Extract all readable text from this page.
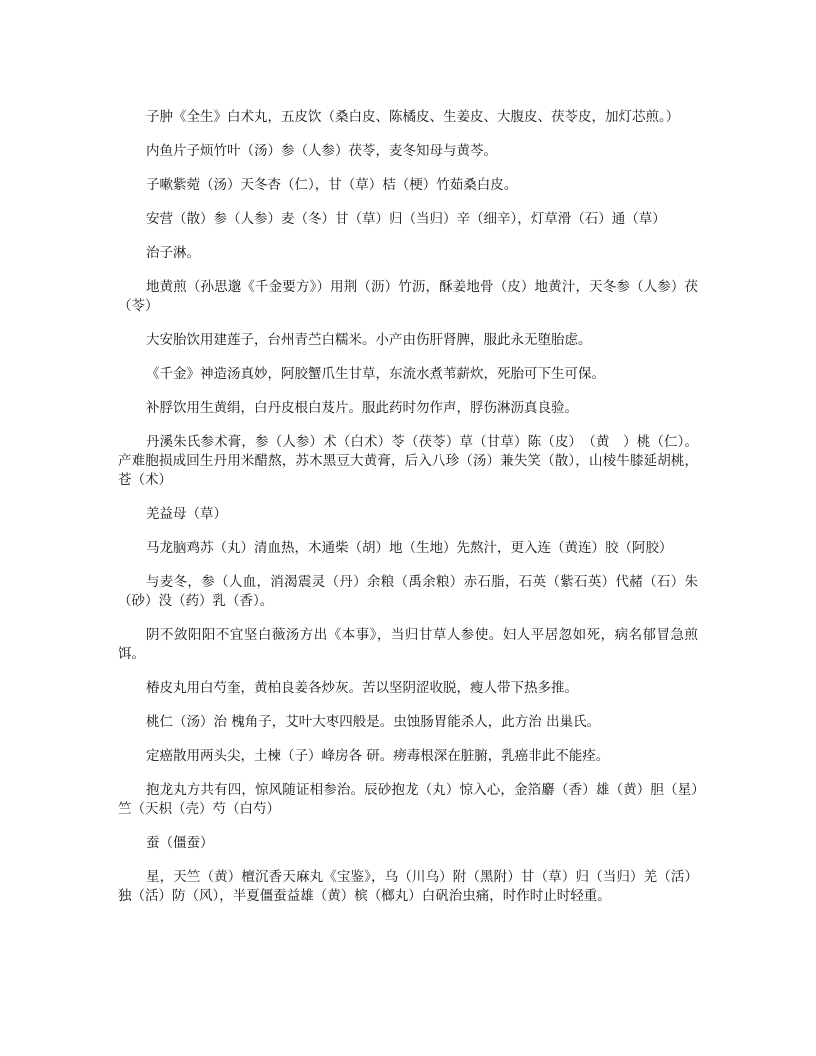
子肿《全生》白术丸，五皮饮（桑白皮、陈橘皮、生姜皮、大腹皮、茯苓皮，加灯芯煎。）

内鱼片子烦竹叶（汤）参（人参）茯苓，麦冬知母与黄芩。

子嗽紫菀（汤）天冬杏（仁），甘（草）桔（梗）竹茹桑白皮。

安营（散）参（人参）麦（冬）甘（草）归（当归）辛（细辛），灯草滑（石）通（草）

治子淋。

地黄煎（孙思邈《千金要方》）用荆（沥）竹沥，酥姜地骨（皮）地黄汁，天冬参（人参）茯（苓）

大安胎饮用建莲子，台州青苎白糯米。小产由伤肝肾脾，服此永无堕胎虑。

《千金》神造汤真妙，阿胶蟹爪生甘草，东流水煮苇薪炊，死胎可下生可保。

补脬饮用生黄绢，白丹皮根白芨片。服此药时勿作声，脬伤淋沥真良验。

丹溪朱氏参术膏，参（人参）术（白术）苓（茯苓）草（甘草）陈（皮）　（黄　）桃（仁）。产难胞损成回生丹用米醋熬，苏木黑豆大黄膏，后入八珍（汤）兼失笑（散），山棱牛膝延胡桃，苍（术）

羌益母（草）

马龙脑鸡苏（丸）清血热，木通柴（胡）地（生地）先熬汁，更入连（黄连）胶（阿胶）

与麦冬，参（人血，消渴震灵（丹）余粮（禹余粮）赤石脂，石英（紫石英）代赭（石）朱（砂）没（药）乳（香）。

阴不敛阳阳不宜坚白薇汤方出《本事》，当归甘草人参使。妇人平居忽如死，病名郁冒急煎饵。

椿皮丸用白芍奎，黄柏良姜各炒灰。苦以坚阴涩收脱，瘦人带下热多推。

桃仁（汤）治 槐角子，艾叶大枣四般是。虫蚀肠胃能杀人，此方治 出巢氏。

定癌散用两头尖，土楝（子）峰房各 研。痨毒根深在脏腑，乳癌非此不能痊。

抱龙丸方共有四，惊风随证相参治。辰砂抱龙（丸）惊入心，金箔麝（香）雄（黄）胆（星）竺（天枳（壳）芍（白芍）

蚕（僵蚕）

星，天竺（黄）檀沉香天麻丸《宝鉴》，乌（川乌）附（黑附）甘（草）归（当归）羌（活）独（活）防（风），半夏僵蚕益雄（黄）槟（榔丸）白矾治虫痛，时作时止时轻重。
